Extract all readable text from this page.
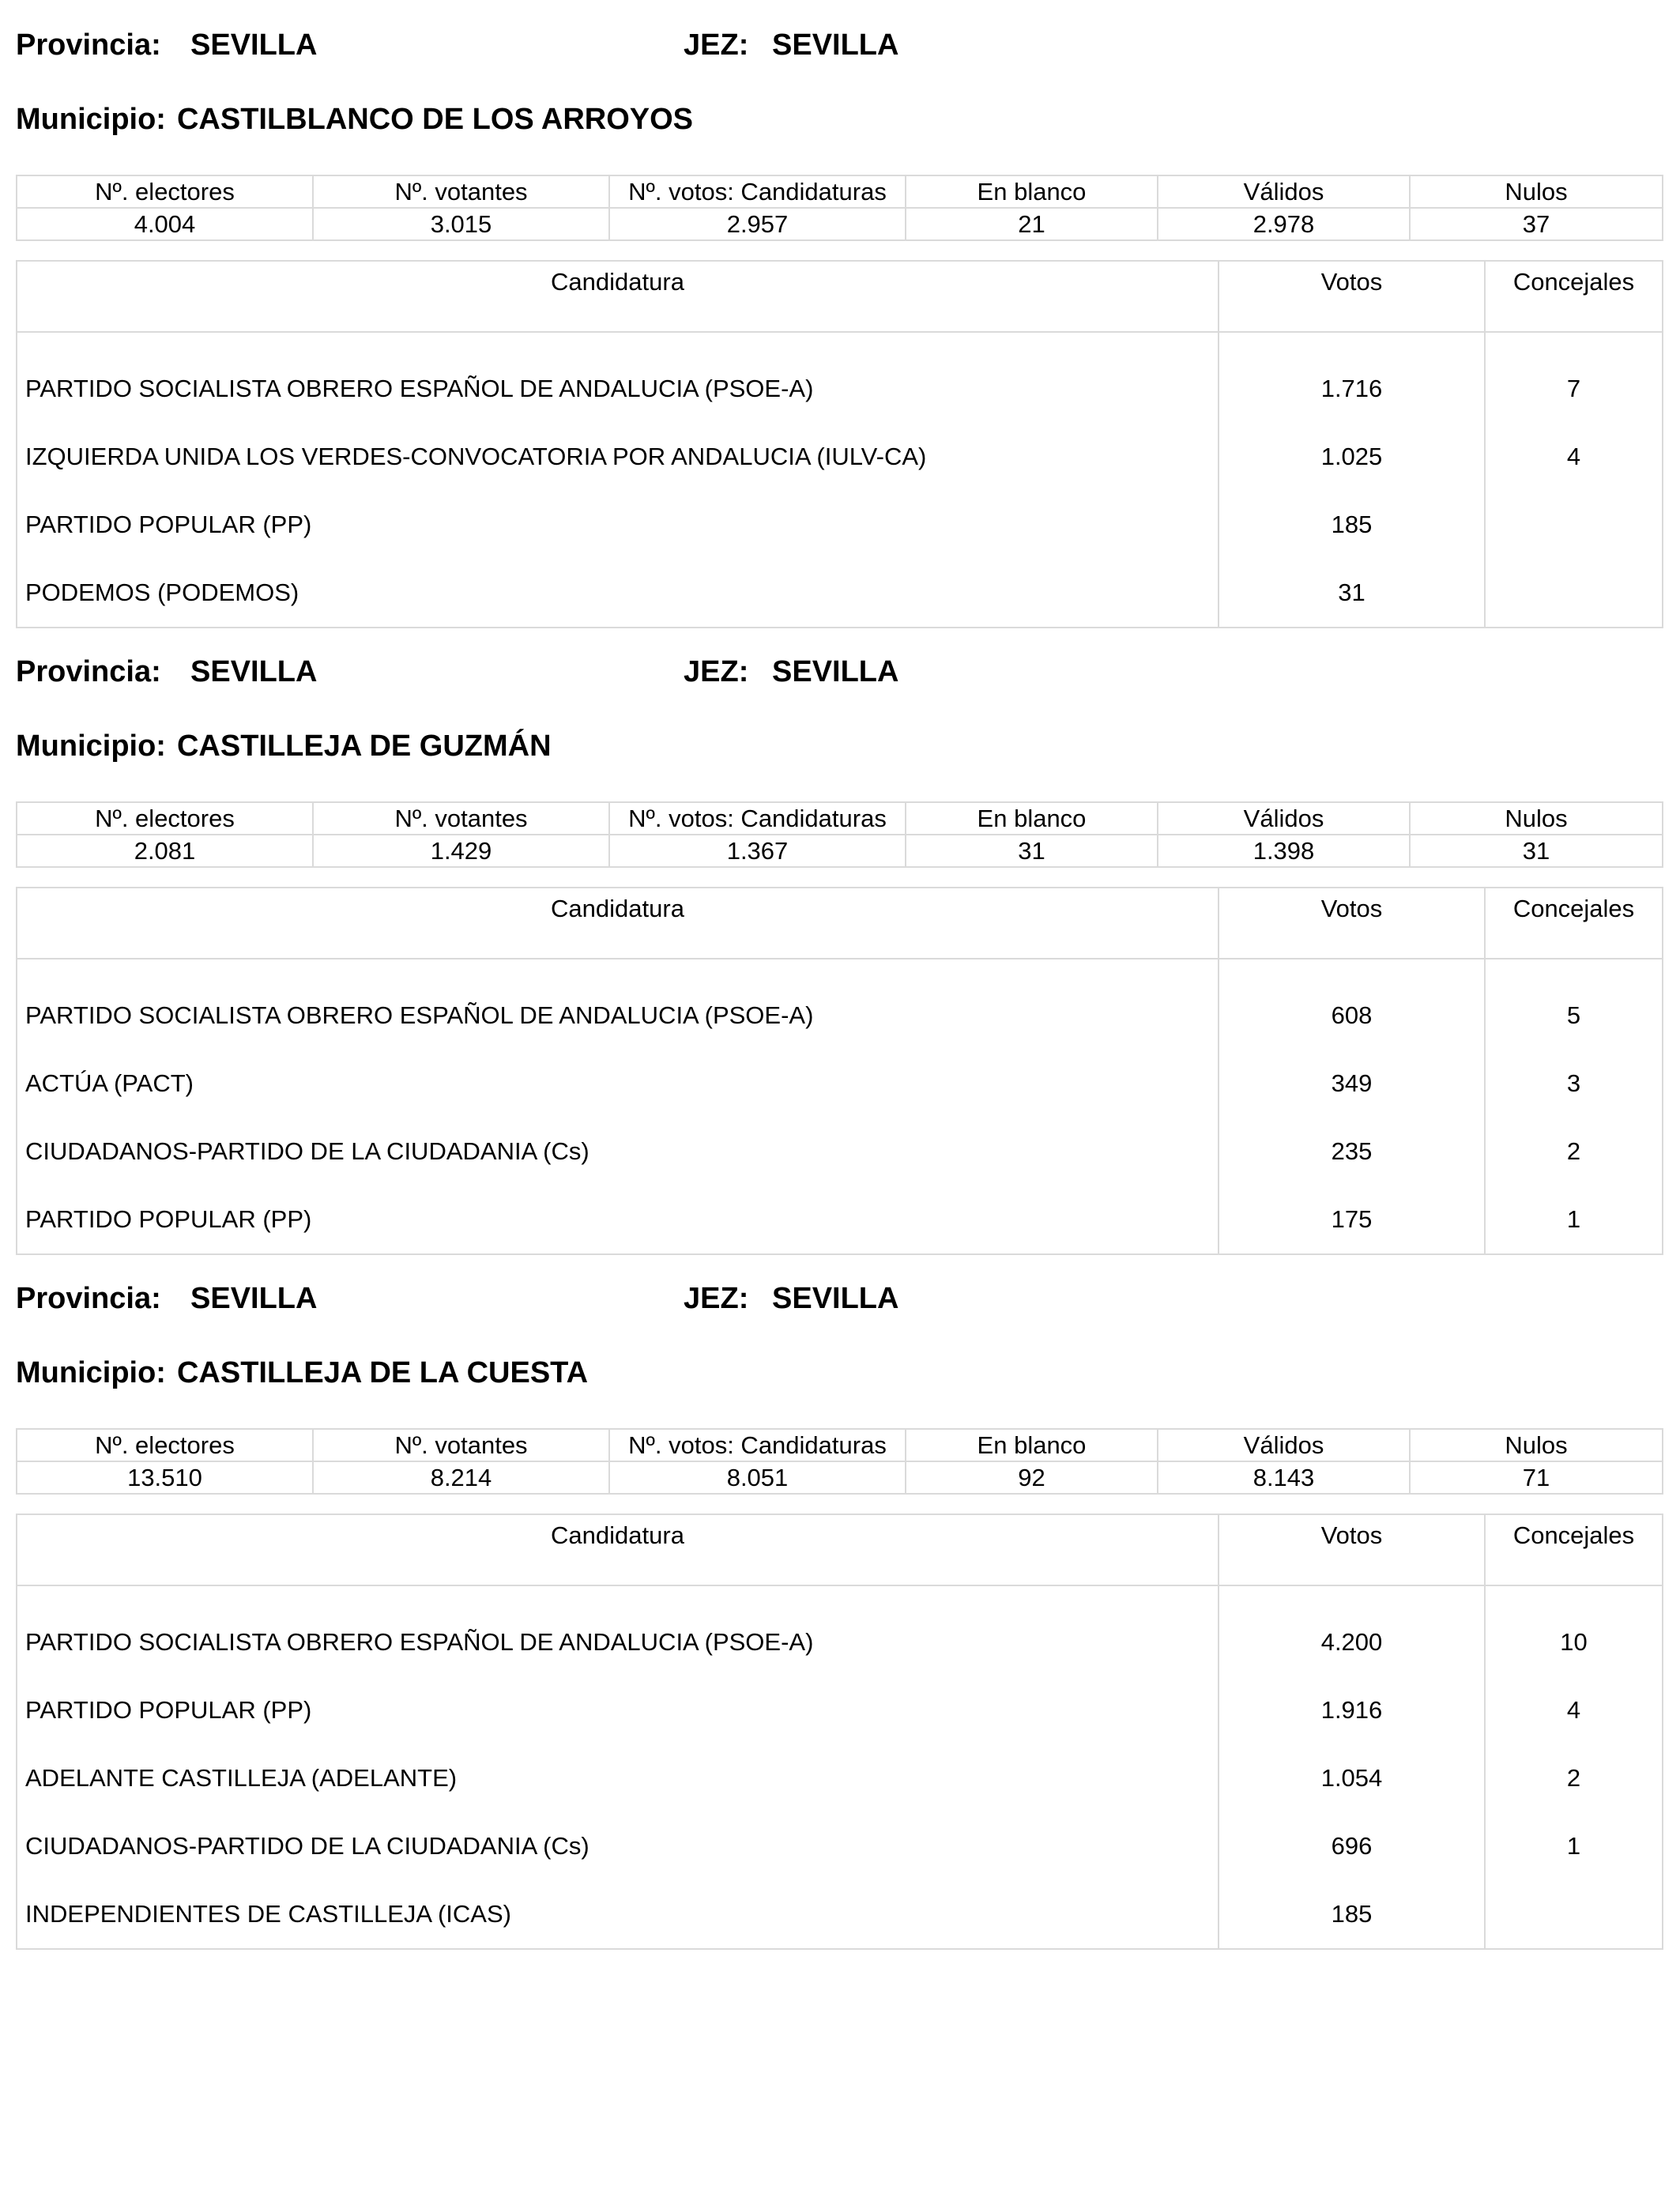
Provincia: SEVILLA	JEZ: SEVILLA
Municipio: CASTILBLANCO DE LOS ARROYOS
Nº. electores	Nº. votantes	Nº. votos: Candidaturas	En blanco	Válidos	Nulos
4.004	3.015	2.957	21	2.978	37
Candidatura	Votos	Concejales
PARTIDO SOCIALISTA OBRERO ESPAÑOL DE ANDALUCIA (PSOE-A)	1.716	7
IZQUIERDA UNIDA LOS VERDES-CONVOCATORIA POR ANDALUCIA (IULV-CA)	1.025	4
PARTIDO POPULAR (PP)	185	
PODEMOS (PODEMOS)	31	
Provincia: SEVILLA	JEZ: SEVILLA
Municipio: CASTILLEJA DE GUZMÁN
Nº. electores	Nº. votantes	Nº. votos: Candidaturas	En blanco	Válidos	Nulos
2.081	1.429	1.367	31	1.398	31
Candidatura	Votos	Concejales
PARTIDO SOCIALISTA OBRERO ESPAÑOL DE ANDALUCIA (PSOE-A)	608	5
ACTÚA (PACT)	349	3
CIUDADANOS-PARTIDO DE LA CIUDADANIA (Cs)	235	2
PARTIDO POPULAR (PP)	175	1
Provincia: SEVILLA	JEZ: SEVILLA
Municipio: CASTILLEJA DE LA CUESTA
Nº. electores	Nº. votantes	Nº. votos: Candidaturas	En blanco	Válidos	Nulos
13.510	8.214	8.051	92	8.143	71
Candidatura	Votos	Concejales
PARTIDO SOCIALISTA OBRERO ESPAÑOL DE ANDALUCIA (PSOE-A)	4.200	10
PARTIDO POPULAR (PP)	1.916	4
ADELANTE CASTILLEJA (ADELANTE)	1.054	2
CIUDADANOS-PARTIDO DE LA CIUDADANIA (Cs)	696	1
INDEPENDIENTES DE CASTILLEJA (ICAS)	185	
